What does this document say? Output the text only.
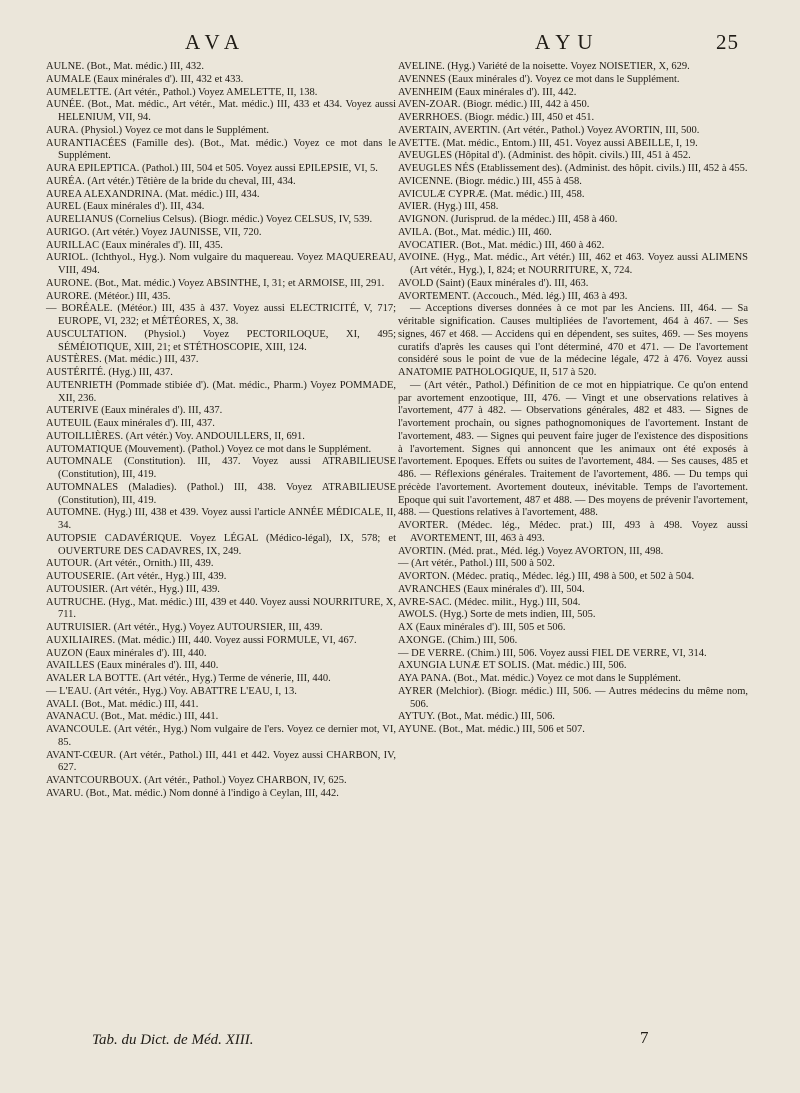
AVA	AYU	25

AULNE. (Bot., Mat. médic.) III, 432.

AUMALE (Eaux minérales d'). III, 432 et 433.

AUMELETTE. (Art vétér., Pathol.) Voyez AMELETTE, II, 138.

AUNÉE. (Bot., Mat. médic., Art vétér., Mat. médic.) III, 433 et 434. Voyez aussi HELENIUM, VII, 94.

AURA. (Physiol.) Voyez ce mot dans le Supplément.

AURANTIACÉES (Famille des). (Bot., Mat. médic.) Voyez ce mot dans le Supplément.

AURA EPILEPTICA. (Pathol.) III, 504 et 505. Voyez aussi EPILEPSIE, VI, 5.

AURÉA. (Art vétér.) Têtière de la bride du cheval, III, 434.

AUREA ALEXANDRINA. (Mat. médic.) III, 434.

AUREL (Eaux minérales d'). III, 434.

AURELIANUS (Cornelius Celsus). (Biogr. médic.) Voyez CELSUS, IV, 539.

AURIGO. (Art vétér.) Voyez JAUNISSE, VII, 720.

AURILLAC (Eaux minérales d'). III, 435.

AURIOL. (Ichthyol., Hyg.). Nom vulgaire du maquereau. Voyez MAQUEREAU, VIII, 494.

AURONE. (Bot., Mat. médic.) Voyez ABSINTHE, I, 31; et ARMOISE, III, 291.

AURORE. (Météor.) III, 435.

— BORÉALE. (Météor.) III, 435 à 437. Voyez aussi ELECTRICITÉ, V, 717; EUROPE, VI, 232; et MÉTÉORES, X, 38.

AUSCULTATION. (Physiol.) Voyez PECTORILOQUE, XI, 495; SÉMÉIOTIQUE, XIII, 21; et STÉTHOSCOPIE, XIII, 124.

AUSTÈRES. (Mat. médic.) III, 437.

AUSTÉRITÉ. (Hyg.) III, 437.

AUTENRIETH (Pommade stibiée d'). (Mat. médic., Pharm.) Voyez POMMADE, XII, 236.

AUTERIVE (Eaux minérales d'). III, 437.

AUTEUIL (Eaux minérales d'). III, 437.

AUTOILLIÈRES. (Art vétér.) Voy. ANDOUILLERS, II, 691.

AUTOMATIQUE (Mouvement). (Pathol.) Voyez ce mot dans le Supplément.

AUTOMNALE (Constitution). III, 437. Voyez aussi ATRABILIEUSE (Constitution), III, 419.

AUTOMNALES (Maladies). (Pathol.) III, 438. Voyez ATRABILIEUSE (Constitution), III, 419.

AUTOMNE. (Hyg.) III, 438 et 439. Voyez aussi l'article ANNÉE MÉDICALE, II, 34.

AUTOPSIE CADAVÉRIQUE. Voyez LÉGAL (Médico-légal), IX, 578; et OUVERTURE DES CADAVRES, IX, 249.

AUTOUR. (Art vétér., Ornith.) III, 439.

AUTOUSERIE. (Art vétér., Hyg.) III, 439.

AUTOUSIER. (Art vétér., Hyg.) III, 439.

AUTRUCHE. (Hyg., Mat. médic.) III, 439 et 440. Voyez aussi NOURRITURE, X, 711.

AUTRUISIER. (Art vétér., Hyg.) Voyez AUTOURSIER, III, 439.

AUXILIAIRES. (Mat. médic.) III, 440. Voyez aussi FORMULE, VI, 467.

AUZON (Eaux minérales d'). III, 440.

AVAILLES (Eaux minérales d'). III, 440.

AVALER LA BOTTE. (Art vétér., Hyg.) Terme de vénerie, III, 440.

— L'EAU. (Art vétér., Hyg.) Voy. ABATTRE L'EAU, I, 13.

AVALI. (Bot., Mat. médic.) III, 441.

AVANACU. (Bot., Mat. médic.) III, 441.

AVANCOULE. (Art vétér., Hyg.) Nom vulgaire de l'ers. Voyez ce dernier mot, VI, 85.

AVANT-CŒUR. (Art vétér., Pathol.) III, 441 et 442. Voyez aussi CHARBON, IV, 627.

AVANTCOURBOUX. (Art vétér., Pathol.) Voyez CHARBON, IV, 625.

AVARU. (Bot., Mat. médic.) Nom donné à l'indigo à Ceylan, III, 442.

AVELINE. (Hyg.) Variété de la noisette. Voyez NOISETIER, X, 629.

AVENNES (Eaux minérales d'). Voyez ce mot dans le Supplément.

AVENHEIM (Eaux minérales d'). III, 442.

AVEN-ZOAR. (Biogr. médic.) III, 442 à 450.

AVERRHOES. (Biogr. médic.) III, 450 et 451.

AVERTAIN, AVERTIN. (Art vétér., Pathol.) Voyez AVORTIN, III, 500.

AVETTE. (Mat. médic., Entom.) III, 451. Voyez aussi ABEILLE, I, 19.

AVEUGLES (Hôpital d'). (Administ. des hôpit. civils.) III, 451 à 452.

AVEUGLES NÉS (Etablissement des). (Administ. des hôpit. civils.) III, 452 à 455.

AVICENNE. (Biogr. médic.) III, 455 à 458.

AVICULÆ CYPRÆ. (Mat. médic.) III, 458.

AVIER. (Hyg.) III, 458.

AVIGNON. (Jurisprud. de la médec.) III, 458 à 460.

AVILA. (Bot., Mat. médic.) III, 460.

AVOCATIER. (Bot., Mat. médic.) III, 460 à 462.

AVOINE. (Hyg., Mat. médic., Art vétér.) III, 462 et 463. Voyez aussi ALIMENS (Art vétér., Hyg.), I, 824; et NOURRITURE, X, 724.

AVOLD (Saint) (Eaux minérales d'). III, 463.

AVORTEMENT. (Accouch., Méd. lég.) III, 463 à 493.

— Acceptions diverses données à ce mot par les Anciens. III, 464. — Sa véritable signification. Causes multipliées de l'avortement, 464 à 467. — Ses signes, 467 et 468. — Accidens qui en dépendent, ses suites, 469. — Ses moyens curatifs d'après les causes qui l'ont déterminé, 470 et 471. — De l'avortement considéré sous le point de vue de la médecine légale, 472 à 476. Voyez aussi ANATOMIE PATHOLOGIQUE, II, 517 à 520.

— (Art vétér., Pathol.) Définition de ce mot en hippiatrique. Ce qu'on entend par avortement enzootique, III, 476. — Vingt et une observations relatives à l'avortement, 477 à 482. — Observations générales, 482 et 483. — Signes de l'avortement prochain, ou signes pathognomoniques de l'avortement. Instant de l'avortement, 483. — Signes qui peuvent faire juger de l'existence des dispositions à l'avortement. Signes qui annoncent que les animaux ont été exposés à l'avortement. Epoques. Effets ou suites de l'avortement, 484. — Ses causes, 485 et 486. — Réflexions générales. Traitement de l'avortement, 486. — Du temps qui précède l'avortement. Avortement douteux, inévitable. Temps de l'avortement. Epoque qui suit l'avortement, 487 et 488. — Des moyens de prévenir l'avortement, 488. — Questions relatives à l'avortement, 488.

AVORTER. (Médec. lég., Médec. prat.) III, 493 à 498. Voyez aussi AVORTEMENT, III, 463 à 493.

AVORTIN. (Méd. prat., Méd. lég.) Voyez AVORTON, III, 498.

— (Art vétér., Pathol.) III, 500 à 502.

AVORTON. (Médec. pratiq., Médec. lég.) III, 498 à 500, et 502 à 504.

AVRANCHES (Eaux minérales d'). III, 504.

AVRE-SAC. (Médec. milit., Hyg.) III, 504.

AWOLS. (Hyg.) Sorte de mets indien, III, 505.

AX (Eaux minérales d'). III, 505 et 506.

AXONGE. (Chim.) III, 506.

— DE VERRE. (Chim.) III, 506. Voyez aussi FIEL DE VERRE, VI, 314.

AXUNGIA LUNÆ ET SOLIS. (Mat. médic.) III, 506.

AYA PANA. (Bot., Mat. médic.) Voyez ce mot dans le Supplément.

AYRER (Melchior). (Biogr. médic.) III, 506. — Autres médecins du même nom, 506.

AYTUY. (Bot., Mat. médic.) III, 506.

AYUNE. (Bot., Mat. médic.) III, 506 et 507.

Tab. du Dict. de Méd. XIII.	7
